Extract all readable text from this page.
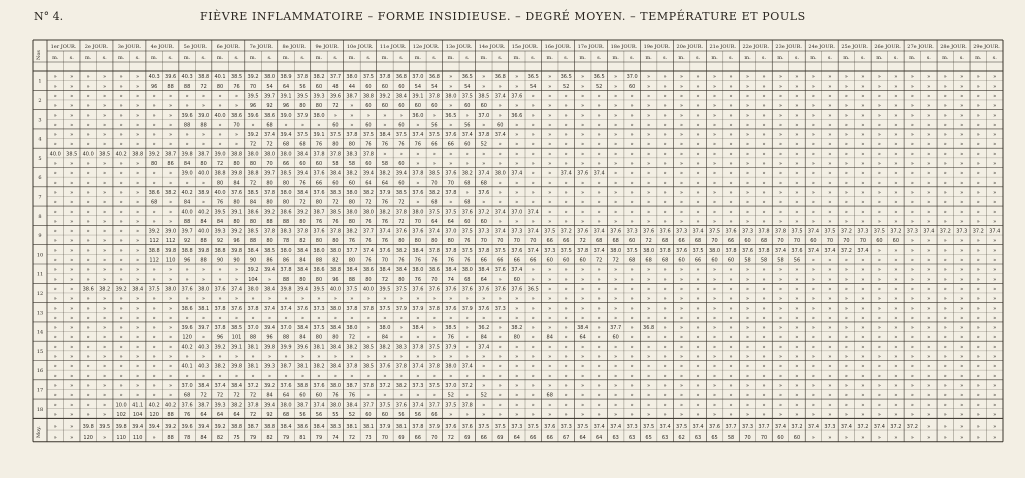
N° 4.	FIÈVRE INFLAMMATOIRE – FORME INSIDIEUSE. – DEGRÉ MOYEN. – TEMPÉRATURE ET POULS
1er JOUR.
m. s.
2e JOUR.
m. s.
3e JOUR.
m. s.
4e JOUR.
m. s.
5e JOUR.
m. s.
6e JOUR.
m. s.
7e JOUR.
m. s.
8e JOUR.
m. s.
9e JOUR.
m. s.
10e JOUR.
m. s.
11e JOUR.
m. s.
12e JOUR.
m. s.
13e JOUR.
m. s.
14e JOUR.
m. s.
15e JOUR.
m. s.
16e JOUR.
m. s.
17e JOUR.
m. s.
18e JOUR.
m. s.
19e JOUR.
m. s.
20e JOUR.
m. s.
21e JOUR.
m. s.
22e JOUR.
m. s.
23e JOUR.
m. s.
24e JOUR.
m. s.
25e JOUR.
m. s.
26e JOUR.
m. s.
27e JOUR.
m. s.
28e JOUR.
m. s.
29e JOUR.
m. s.
Nos
1
»
»
»
»
»
»
»
»
»
»
»
»
40.3
96
39.6
88
40.3
88
38.8
72
40.1
80
38.5
76
39.2
70
38.0
54
38.9
64
37.8
56
38.2
60
37.7
48
38.0
44
37.5
60
37.8
60
36.8
60
37.0
54
36.8
54
»
»
36.5
54
»
»
36.8
»
»
»
36.5
54
»
»
36.5
52
»
»
36.5
52
»
»
37.0
60
»
»
»
»
»
»
»
»
»
»
»
»
»
»
»
»
»
»
»
»
»
»
»
»
»
»
»
»
»
»
»
»
»
»
»
»
»
»
»
»
»
»
»
»
2
»
»
»
»
»
»
»
»
»
»
»
»
»
»
»
»
»
»
»
»
»
»
»
»
39.5
96
39.7
92
39.1
96
39.5
80
39.3
80
39.6
72
38.7
»
38.8
60
39.2
60
38.4
60
39.1
60
37.8
60
38.0
»
37.5
60
38.5
60
37.4
»
37.6
»
»
»
»
»
»
»
»
»
»
»
»
»
»
»
»
»
»
»
»
»
»
»
»
»
»
»
»
»
»
»
»
»
»
»
»
»
»
»
»
»
»
»
»
»
»
»
»
»
»
»
»
»
»
»
»
»
»
»
3
»
»
»
»
»
»
»
»
»
»
»
»
»
»
»
»
39.6
88
39.0
88
40.0
»
38.6
70
39.6
»
38.6
68
39.0
»
37.9
»
38.0
»
»
60
»
»
»
60
»
»
»
60
36.0
»
»
56
36.5
»
»
56
37.0
»
»
60
36.6
»
»
»
»
»
»
»
»
»
»
»
»
»
»
»
»
»
»
»
»
»
»
»
»
»
»
»
»
»
»
»
»
»
»
»
»
»
»
»
»
»
»
»
»
»
»
»
»
»
»
»
»
»
»
»
»
»
»
»
4
»
»
»
»
»
»
»
»
»
»
»
»
»
»
»
»
»
»
»
»
»
»
»
»
39.2
72
37.4
72
39.4
68
37.5
68
39.1
76
37.5
80
37.8
80
37.5
76
38.4
76
37.5
76
37.4
76
37.5
66
37.6
66
37.4
60
37.8
52
37.4
»
»
»
»
»
»
»
»
»
»
»
»
»
»
»
»
»
»
»
»
»
»
»
»
»
»
»
»
»
»
»
»
»
»
»
»
»
»
»
»
»
»
»
»
»
»
»
»
»
»
»
»
»
»
»
»
»
»
»
»
»
5
40.0
»
38.5
»
40.0
»
38.5
»
40.2
»
38.8
»
39.2
80
38.7
86
39.8
84
38.7
80
39.0
72
38.8
80
38.0
80
38.0
70
38.0
66
38.4
60
37.8
60
37.8
58
38.3
58
37.8
60
»
58
»
60
»
»
»
»
»
»
»
»
»
»
»
»
»
»
»
»
»
»
»
»
»
»
»
»
»
»
»
»
»
»
»
»
»
»
»
»
»
»
»
»
»
»
»
»
»
»
»
»
»
»
»
»
»
»
»
»
»
»
»
»
»
»
»
»
»
»
»
»
»
»
»
»
6
»
»
»
»
»
»
»
»
»
»
»
»
»
»
»
»
39.0
»
40.0
»
38.8
80
39.8
84
38.8
72
39.7
80
38.5
80
39.4
76
37.6
66
38.4
60
38.2
60
39.4
64
38.2
64
39.4
60
37.8
»
38.5
70
37.6
70
38.2
68
37.4
68
38.0
»
37.4
»
»
»
»
»
37.4
»
37.6
»
37.4
»
»
»
»
»
»
»
»
»
»
»
»
»
»
»
»
»
»
»
»
»
»
»
»
»
»
»
»
»
»
»
»
»
»
»
»
»
»
»
»
»
»
»
»
»
»
»
»
»
7
»
»
»
»
»
»
»
»
»
»
»
»
38.6
68
38.2
»
40.2
84
38.9
»
40.0
76
37.6
80
38.5
84
37.8
80
38.0
80
38.4
72
37.6
80
38.3
72
38.0
80
38.2
72
37.9
76
38.5
72
37.6
»
38.2
68
37.8
»
»
68
37.6
»
»
»
»
»
»
»
»
»
»
»
»
»
»
»
»
»
»
»
»
»
»
»
»
»
»
»
»
»
»
»
»
»
»
»
»
»
»
»
»
»
»
»
»
»
»
»
»
»
»
»
»
»
»
»
»
»
»
»
»
»
»
»
8
»
»
»
»
»
»
»
»
»
»
»
»
»
»
»
»
40.0
88
40.2
84
39.5
84
39.1
80
38.6
80
39.2
88
38.6
88
39.2
80
38.7
76
38.5
76
38.0
80
38.0
76
38.2
76
37.8
72
38.0
70
37.5
64
37.5
64
37.6
60
37.2
60
37.4
»
37.0
»
37.4
»
»
»
»
»
»
»
»
»
»
»
»
»
»
»
»
»
»
»
»
»
»
»
»
»
»
»
»
»
»
»
»
»
»
»
»
»
»
»
»
»
»
»
»
»
»
»
»
»
»
»
»
»
»
»
»
»
9
»
»
»
»
»
»
»
»
»
»
»
»
39.2
112
39.0
112
39.7
92
40.0
88
39.3
92
39.2
96
38.5
88
37.8
80
38.3
78
37.8
82
37.6
80
37.8
80
38.2
76
37.7
76
37.4
76
37.6
80
37.6
80
37.4
80
37.0
80
37.5
76
37.3
70
37.4
70
37.3
70
37.4
70
37.5
66
37.2
66
37.6
72
37.4
68
37.6
68
37.3
60
37.6
72
37.6
68
37.3
66
37.4
68
37.5
70
37.6
66
37.3
60
37.8
68
37.8
70
37.5
70
37.4
60
37.5
70
37.2
70
37.3
70
37.5
60
37.2
60
37.3
»
37.4
»
37.2
»
37.3
»
37.2
»
37.4
»
10
»
»
»
»
»
»
»
»
»
»
»
»
38.8
112
39.8
110
38.8
96
39.8
88
38.8
90
39.8
90
38.4
90
38.5
86
38.0
86
38.4
84
38.0
88
38.0
82
37.7
80
37.4
76
37.6
70
38.2
76
38.4
76
37.8
76
37.8
76
37.5
76
37.8
66
37.5
66
37.6
66
37.4
66
37.3
60
37.5
60
37.8
60
37.4
72
38.0
72
37.5
68
38.0
68
37.8
68
37.6
60
37.5
66
38.0
60
37.8
60
37.6
58
37.8
58
37.4
58
37.6
56
37.4
»
37.4
»
37.2
»
37.4
»
»
»
»
»
»
»
»
»
»
»
»
»
»
»
»
»
11
»
»
»
»
»
»
»
»
»
»
»
»
»
»
»
»
»
»
»
»
»
»
»
»
39.2
104
39.4
»
37.8
88
38.4
80
38.6
80
38.8
96
38.4
88
38.6
80
38.4
72
38.4
80
38.0
76
38.6
70
38.4
74
38.0
68
38.4
64
37.6
»
37.4
60
»
»
»
»
»
»
»
»
»
»
»
»
»
»
»
»
»
»
»
»
»
»
»
»
»
»
»
»
»
»
»
»
»
»
»
»
»
»
»
»
»
»
»
»
»
»
»
»
»
»
»
»
»
»
»
»
»
»
12
»
»
»
»
38.6
»
38.2
»
39.2
»
38.4
»
37.5
»
38.0
»
37.6
»
38.0
»
37.6
»
37.4
»
38.0
»
38.4
»
39.8
»
39.4
»
39.5
»
40.0
»
37.5
»
40.0
»
39.5
»
37.5
»
37.6
»
37.6
»
37.6
»
37.6
»
37.6
»
37.6
»
37.6
»
36.5
»
»
»
»
»
»
»
»
»
»
»
»
»
»
»
»
»
»
»
»
»
»
»
»
»
»
»
»
»
»
»
»
»
»
»
»
»
»
»
»
»
»
»
»
»
»
»
»
»
»
»
»
»
»
»
»
»
13
»
»
»
»
»
»
»
»
»
»
»
»
»
»
»
»
38.6
»
38.1
»
37.8
»
37.6
»
37.8
»
37.4
»
37.4
»
37.6
»
37.3
»
38.0
»
37.8
»
37.8
»
37.5
»
37.9
»
37.9
»
37.8
»
37.6
»
37.9
»
37.6
»
37.3
»
»
»
»
»
»
»
»
»
»
»
»
»
»
»
»
»
»
»
»
»
»
»
»
»
»
»
»
»
»
»
»
»
»
»
»
»
»
»
»
»
»
»
»
»
»
»
»
»
»
»
»
»
»
»
»
»
»
»
»
»
14
»
»
»
»
»
»
»
»
»
»
»
»
»
»
»
»
39.6
120
39.7
»
37.8
96
38.5
101
37.0
88
39.4
96
37.0
88
38.4
84
37.5
80
38.4
80
38.0
72
»
»
38.0
84
»
»
38.4
»
»
»
38.5
76
»
»
36.2
84
»
»
38.2
80
»
»
»
84
»
»
38.4
64
»
»
37.7
60
»
»
36.8
»
»
»
»
»
»
»
»
»
»
»
»
»
»
»
»
»
»
»
»
»
»
»
»
»
»
»
»
»
»
»
»
»
»
»
»
»
»
»
»
»
»
»
15
»
»
»
»
»
»
»
»
»
»
»
»
»
»
»
»
40.2
»
40.3
»
39.2
»
39.1
»
38.1
»
39.8
»
39.9
»
39.6
»
38.1
»
38.4
»
38.2
»
38.5
»
38.2
»
38.3
»
37.8
»
37.5
»
37.9
»
»
»
37.4
»
»
»
»
»
»
»
»
»
»
»
»
»
»
»
»
»
»
»
»
»
»
»
»
»
»
»
»
»
»
»
»
»
»
»
»
»
»
»
»
»
»
»
»
»
»
»
»
»
»
»
»
»
»
»
»
»
»
»
»
»
»
»
16
»
»
»
»
»
»
»
»
»
»
»
»
»
»
»
»
40.1
»
40.3
»
38.2
»
39.8
»
38.1
»
39.3
»
38.7
»
38.1
»
38.2
»
38.4
»
37.8
»
38.5
»
37.6
»
37.8
»
37.4
»
37.8
»
38.0
»
37.4
»
»
»
»
»
»
»
»
»
»
»
»
»
»
»
»
»
»
»
»
»
»
»
»
»
»
»
»
»
»
»
»
»
»
»
»
»
»
»
»
»
»
»
»
»
»
»
»
»
»
»
»
»
»
»
»
»
»
»
»
»
»
»
»
»
17
»
»
»
»
»
»
»
»
»
»
»
»
»
»
»
»
37.0
68
38.4
72
37.4
72
38.4
72
37.2
72
39.2
84
37.6
64
38.8
60
37.6
60
38.0
76
38.7
76
37.8
»
37.2
»
38.2
»
37.3
»
37.5
»
37.0
52
37.2
»
»
52
»
»
»
»
»
»
»
68
»
»
»
»
»
»
»
»
»
»
»
»
»
»
»
»
»
»
»
»
»
»
»
»
»
»
»
»
»
»
»
»
»
»
»
»
»
»
»
»
»
»
»
»
»
»
»
»
»
»
»
»
»
»
18
»
»
»
»
»
»
»
»
10.0
102
41.1
104
40.2
120
40.2
88
37.6
76
38.7
64
39.3
64
38.2
64
37.8
72
39.4
92
38.0
68
38.7
56
37.4
56
38.0
55
38.4
52
37.7
60
37.5
60
37.6
56
37.4
56
37.7
66
37.5
»
37.8
»
»
»
»
»
»
»
»
»
»
»
»
»
»
»
»
»
»
»
»
»
»
»
»
»
»
»
»
»
»
»
»
»
»
»
»
»
»
»
»
»
»
»
»
»
»
»
»
»
»
»
»
»
»
»
»
»
»
»
»
»
»
»
»
»
Moy. »
»
»
»
39.8
120
39.5
»
39.8
110
39.4
110
39.4
»
39.2
88
39.6
78
39.4
84
39.2
82
38.8
75
38.7
79
38.8
82
38.4
79
38.6
81
38.4
79
38.3
74
38.1
72
38.1
73
37.9
70
38.1
69
37.8
66
37.9
70
37.6
72
37.6
69
37.5
66
37.5
69
37.3
64
37.5
66
37.6
66
37.3
67
37.5
64
37.4
64
37.4
63
37.3
63
37.5
65
37.4
63
37.5
62
37.4
63
37.6
65
37.7
58
37.3
70
37.7
70
37.4
60
37.2
60
37.4
»
37.3
»
37.4
»
37.2
»
37.4
»
37.2
»
37.2
»
»
»
»
»
»
»
»
»
»
»
